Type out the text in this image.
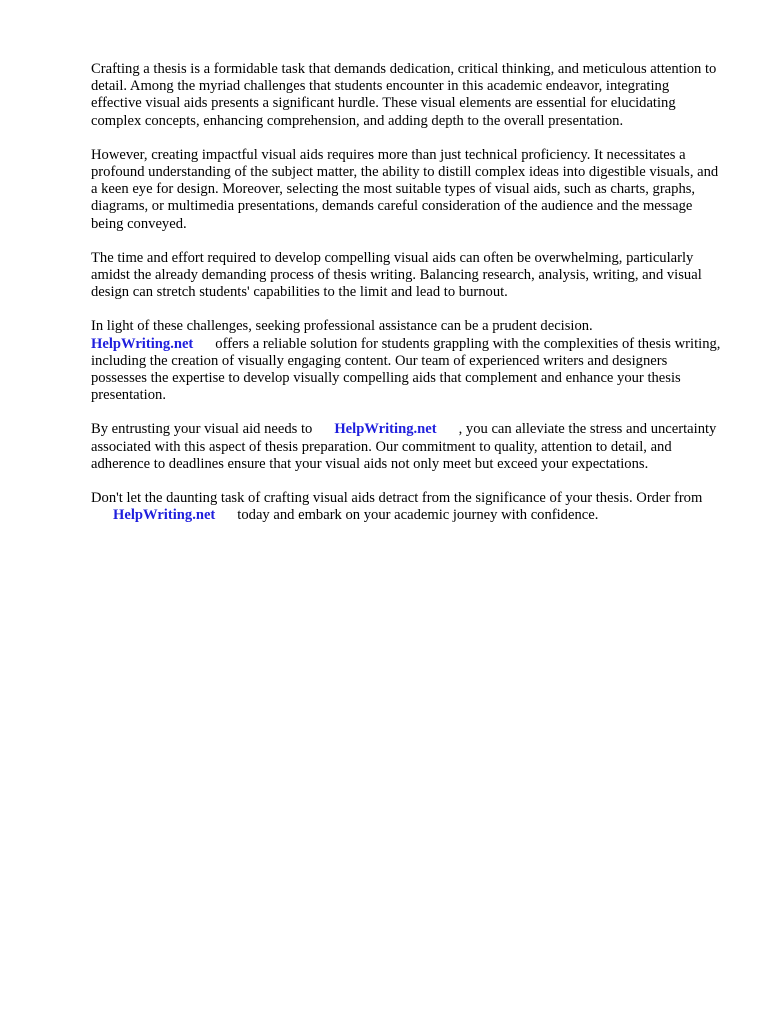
Crafting a thesis is a formidable task that demands dedication, critical thinking, and meticulous attention to detail. Among the myriad challenges that students encounter in this academic endeavor, integrating effective visual aids presents a significant hurdle. These visual elements are essential for elucidating complex concepts, enhancing comprehension, and adding depth to the overall presentation.

However, creating impactful visual aids requires more than just technical proficiency. It necessitates a profound understanding of the subject matter, the ability to distill complex ideas into digestible visuals, and a keen eye for design. Moreover, selecting the most suitable types of visual aids, such as charts, graphs, diagrams, or multimedia presentations, demands careful consideration of the audience and the message being conveyed.

The time and effort required to develop compelling visual aids can often be overwhelming, particularly amidst the already demanding process of thesis writing. Balancing research, analysis, writing, and visual design can stretch students' capabilities to the limit and lead to burnout.

In light of these challenges, seeking professional assistance can be a prudent decision.
HelpWriting.net offers a reliable solution for students grappling with the complexities of thesis writing, including the creation of visually engaging content. Our team of experienced writers and designers possesses the expertise to develop visually compelling aids that complement and enhance your thesis presentation.

By entrusting your visual aid needs to HelpWriting.net , you can alleviate the stress and uncertainty associated with this aspect of thesis preparation. Our commitment to quality, attention to detail, and adherence to deadlines ensure that your visual aids not only meet but exceed your expectations.

Don't let the daunting task of crafting visual aids detract from the significance of your thesis. Order fromHelpWriting.net today and embark on your academic journey with confidence.
